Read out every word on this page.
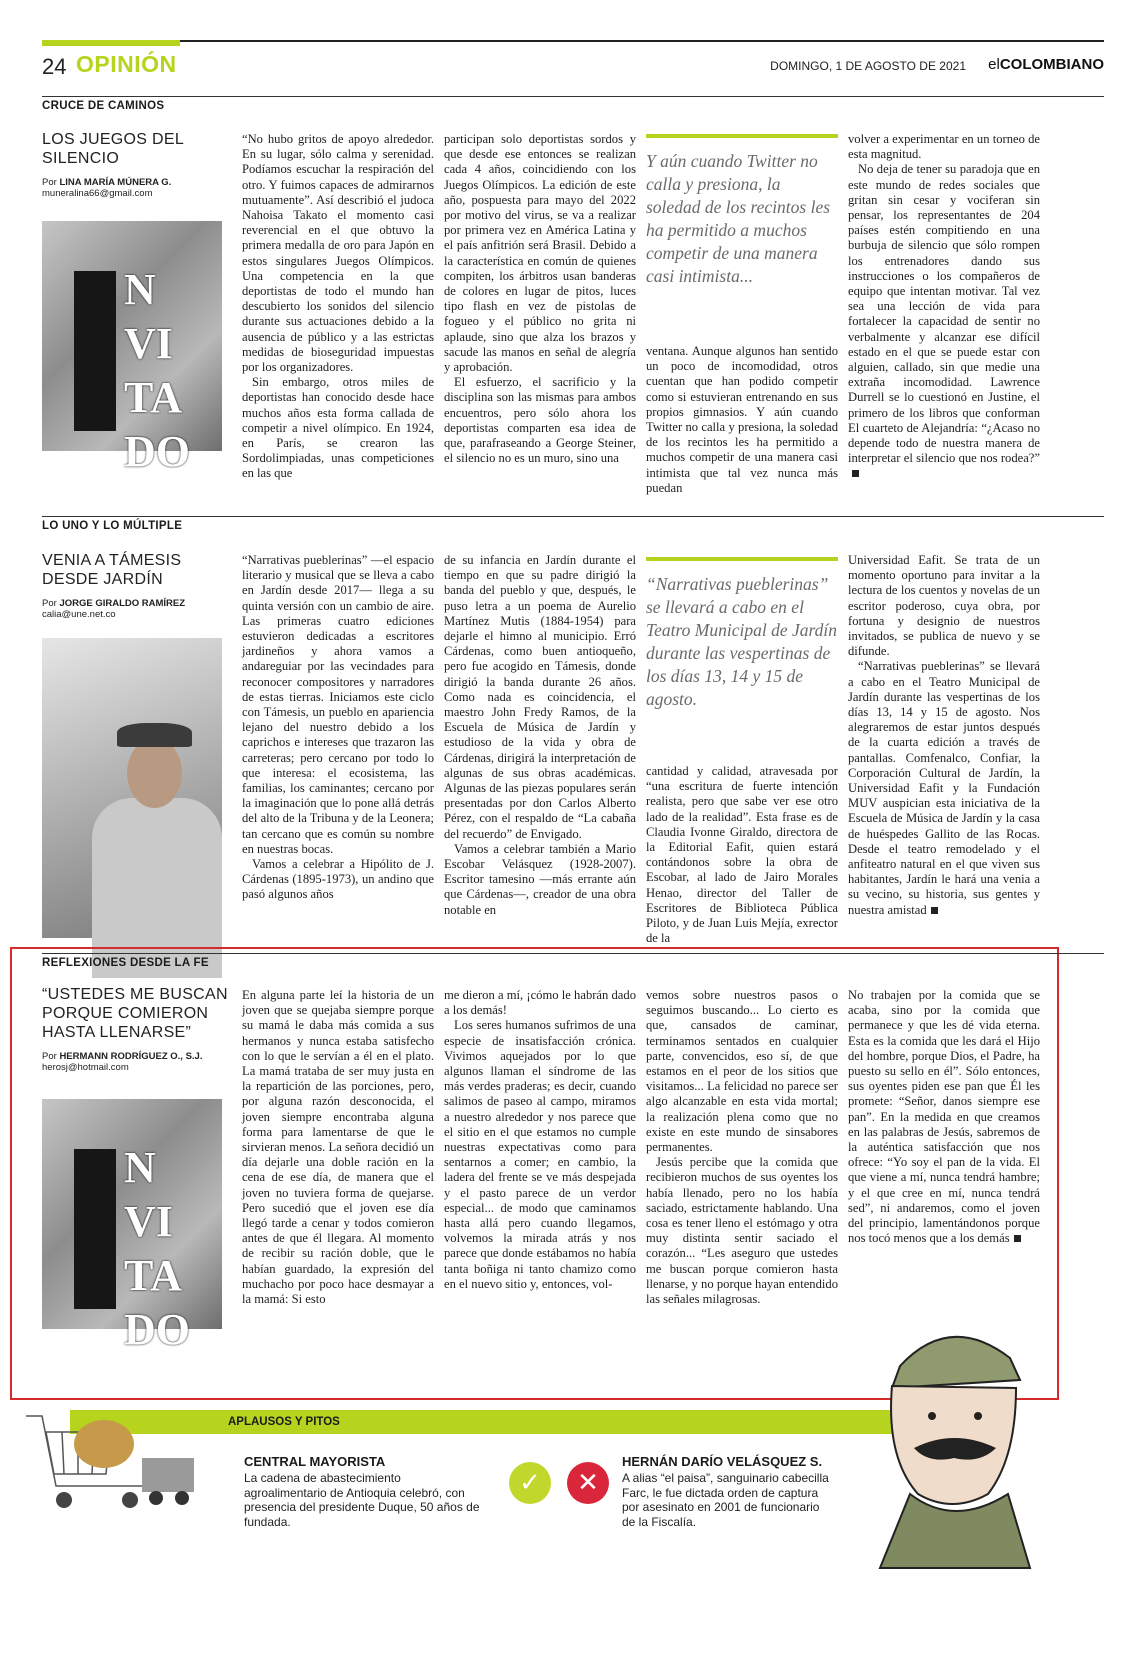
24 OPINIÓN	DOMINGO, 1 DE AGOSTO DE 2021 elCOLOMBIANO
CRUCE DE CAMINOS
LOS JUEGOS DEL SILENCIO
Por LINA MARÍA MÚNERA G.
muneralina66@gmail.com
N
VI
TA
DO

“No hubo gritos de apoyo alrededor. En su lugar, sólo calma y serenidad. Podíamos escuchar la respiración del otro. Y fuimos capaces de admirarnos mutuamente”. Así describió el judoca Nahoisa Takato el momento casi reverencial en el que obtuvo la primera medalla de oro para Japón en estos singulares Juegos Olímpicos. Una competencia en la que deportistas de todo el mundo han descubierto los sonidos del silencio durante sus actuaciones debido a la ausencia de público y a las estrictas medidas de bioseguridad impuestas por los organizadores.

Sin embargo, otros miles de deportistas han conocido desde hace muchos años esta forma callada de competir a nivel olímpico. En 1924, en París, se crearon las Sordolimpiadas, unas competiciones en las que

participan solo deportistas sordos y que desde ese entonces se realizan cada 4 años, coincidiendo con los Juegos Olímpicos. La edición de este año, pospuesta para mayo del 2022 por motivo del virus, se va a realizar por primera vez en América Latina y el país anfitrión será Brasil. Debido a la característica en común de quienes compiten, los árbitros usan banderas de colores en lugar de pitos, luces tipo flash en vez de pistolas de fogueo y el público no grita ni aplaude, sino que alza los brazos y sacude las manos en señal de alegría y aprobación.

El esfuerzo, el sacrificio y la disciplina son las mismas para ambos encuentros, pero sólo ahora los deportistas comparten esa idea de que, parafraseando a George Steiner, el silencio no es un muro, sino una

Y aún cuando Twitter no calla y presiona, la soledad de los recintos les ha permitido a muchos competir de una manera casi intimista...

ventana. Aunque algunos han sentido un poco de incomodidad, otros cuentan que han podido competir como si estuvieran entrenando en sus propios gimnasios. Y aún cuando Twitter no calla y presiona, la soledad de los recintos les ha permitido a muchos competir de una manera casi intimista que tal vez nunca más puedan

volver a experimentar en un torneo de esta magnitud.

No deja de tener su paradoja que en este mundo de redes sociales que gritan sin cesar y vociferan sin pensar, los representantes de 204 países estén compitiendo en una burbuja de silencio que sólo rompen los entrenadores dando sus instrucciones o los compañeros de equipo que intentan motivar. Tal vez sea una lección de vida para fortalecer la capacidad de sentir no verbalmente y alcanzar ese difícil estado en el que se puede estar con alguien, callado, sin que medie una extraña incomodidad. Lawrence Durrell se lo cuestionó en Justine, el primero de los libros que conforman El cuarteto de Alejandría: “¿Acaso no depende todo de nuestra manera de interpretar el silencio que nos rodea?”

LO UNO Y LO MÚLTIPLE
VENIA A TÁMESIS DESDE JARDÍN
Por JORGE GIRALDO RAMÍREZ
calia@une.net.co

“Narrativas pueblerinas” —el espacio literario y musical que se lleva a cabo en Jardín desde 2017— llega a su quinta versión con un cambio de aire. Las primeras cuatro ediciones estuvieron dedicadas a escritores jardineños y ahora vamos a andareguiar por las vecindades para reconocer compositores y narradores de estas tierras. Iniciamos este ciclo con Támesis, un pueblo en apariencia lejano del nuestro debido a los caprichos e intereses que trazaron las carreteras; pero cercano por todo lo que interesa: el ecosistema, las familias, los caminantes; cercano por la imaginación que lo pone allá detrás del alto de la Tribuna y de la Leonera; tan cercano que es común su nombre en nuestras bocas.

Vamos a celebrar a Hipólito de J. Cárdenas (1895-1973), un andino que pasó algunos años

de su infancia en Jardín durante el tiempo en que su padre dirigió la banda del pueblo y que, después, le puso letra a un poema de Aurelio Martínez Mutis (1884-1954) para dejarle el himno al municipio. Erró Cárdenas, como buen antioqueño, pero fue acogido en Támesis, donde dirigió la banda durante 26 años. Como nada es coincidencia, el maestro John Fredy Ramos, de la Escuela de Música de Jardín y estudioso de la vida y obra de Cárdenas, dirigirá la interpretación de algunas de sus obras académicas. Algunas de las piezas populares serán presentadas por don Carlos Alberto Pérez, con el respaldo de “La cabaña del recuerdo” de Envigado.

Vamos a celebrar también a Mario Escobar Velásquez (1928-2007). Escritor tamesino —más errante aún que Cárdenas—, creador de una obra notable en

“Narrativas pueblerinas” se llevará a cabo en el Teatro Municipal de Jardín durante las vespertinas de los días 13, 14 y 15 de agosto.

cantidad y calidad, atravesada por “una escritura de fuerte intención realista, pero que sabe ver ese otro lado de la realidad”. Esta frase es de Claudia Ivonne Giraldo, directora de la Editorial Eafit, quien estará contándonos sobre la obra de Escobar, al lado de Jairo Morales Henao, director del Taller de Escritores de Biblioteca Pública Piloto, y de Juan Luis Mejía, exrector de la

Universidad Eafit. Se trata de un momento oportuno para invitar a la lectura de los cuentos y novelas de un escritor poderoso, cuya obra, por fortuna y designio de nuestros invitados, se publica de nuevo y se difunde.

“Narrativas pueblerinas” se llevará a cabo en el Teatro Municipal de Jardín durante las vespertinas de los días 13, 14 y 15 de agosto. Nos alegraremos de estar juntos después de la cuarta edición a través de pantallas. Comfenalco, Confiar, la Corporación Cultural de Jardín, la Universidad Eafit y la Fundación MUV auspician esta iniciativa de la Escuela de Música de Jardín y la casa de huéspedes Gallito de las Rocas. Desde el teatro remodelado y el anfiteatro natural en el que viven sus habitantes, Jardín le hará una venia a su vecino, su historia, sus gentes y nuestra amistad

REFLEXIONES DESDE LA FE
“USTEDES ME BUSCAN PORQUE COMIERON HASTA LLENARSE”
Por HERMANN RODRÍGUEZ O., S.J.
herosj@hotmail.com
N
VI
TA
DO

En alguna parte leí la historia de un joven que se quejaba siempre porque su mamá le daba más comida a sus hermanos y nunca estaba satisfecho con lo que le servían a él en el plato. La mamá trataba de ser muy justa en la repartición de las porciones, pero, por alguna razón desconocida, el joven siempre encontraba alguna forma para lamentarse de que le sirvieran menos. La señora decidió un día dejarle una doble ración en la cena de ese día, de manera que el joven no tuviera forma de quejarse. Pero sucedió que el joven ese día llegó tarde a cenar y todos comieron antes de que él llegara. Al momento de recibir su ración doble, que le habían guardado, la expresión del muchacho por poco hace desmayar a la mamá: Si esto

me dieron a mí, ¡cómo le habrán dado a los demás!

Los seres humanos sufrimos de una especie de insatisfacción crónica. Vivimos aquejados por lo que algunos llaman el síndrome de las más verdes praderas; es decir, cuando salimos de paseo al campo, miramos a nuestro alrededor y nos parece que el sitio en el que estamos no cumple nuestras expectativas como para sentarnos a comer; en cambio, la ladera del frente se ve más despejada y el pasto parece de un verdor especial... de modo que caminamos hasta allá pero cuando llegamos, volvemos la mirada atrás y nos parece que donde estábamos no había tanta boñiga ni tanto chamizo como en el nuevo sitio y, entonces, vol-

vemos sobre nuestros pasos o seguimos buscando... Lo cierto es que, cansados de caminar, terminamos sentados en cualquier parte, convencidos, eso sí, de que estamos en el peor de los sitios que visitamos... La felicidad no parece ser algo alcanzable en esta vida mortal; la realización plena como que no existe en este mundo de sinsabores permanentes.

Jesús percibe que la comida que recibieron muchos de sus oyentes los había llenado, pero no los había saciado, estrictamente hablando. Una cosa es tener lleno el estómago y otra muy distinta sentir saciado el corazón... “Les aseguro que ustedes me buscan porque comieron hasta llenarse, y no porque hayan entendido las señales milagrosas.

No trabajen por la comida que se acaba, sino por la comida que permanece y que les dé vida eterna. Esta es la comida que les dará el Hijo del hombre, porque Dios, el Padre, ha puesto su sello en él”. Sólo entonces, sus oyentes piden ese pan que Él les promete: “Señor, danos siempre ese pan”. En la medida en que creamos en las palabras de Jesús, sabremos de la auténtica satisfacción que nos ofrece: “Yo soy el pan de la vida. El que viene a mí, nunca tendrá hambre; y el que cree en mí, nunca tendrá sed”, ni andaremos, como el joven del principio, lamentándonos porque nos tocó menos que a los demás

APLAUSOS Y PITOS
CENTRAL MAYORISTA

La cadena de abastecimiento agroalimentario de Antioquia celebró, con presencia del presidente Duque, 50 años de fundada.

✓	✕
HERNÁN DARÍO VELÁSQUEZ S.

A alias “el paisa”, sanguinario cabecilla Farc, le fue dictada orden de captura por asesinato en 2001 de funcionario de la Fiscalía.
